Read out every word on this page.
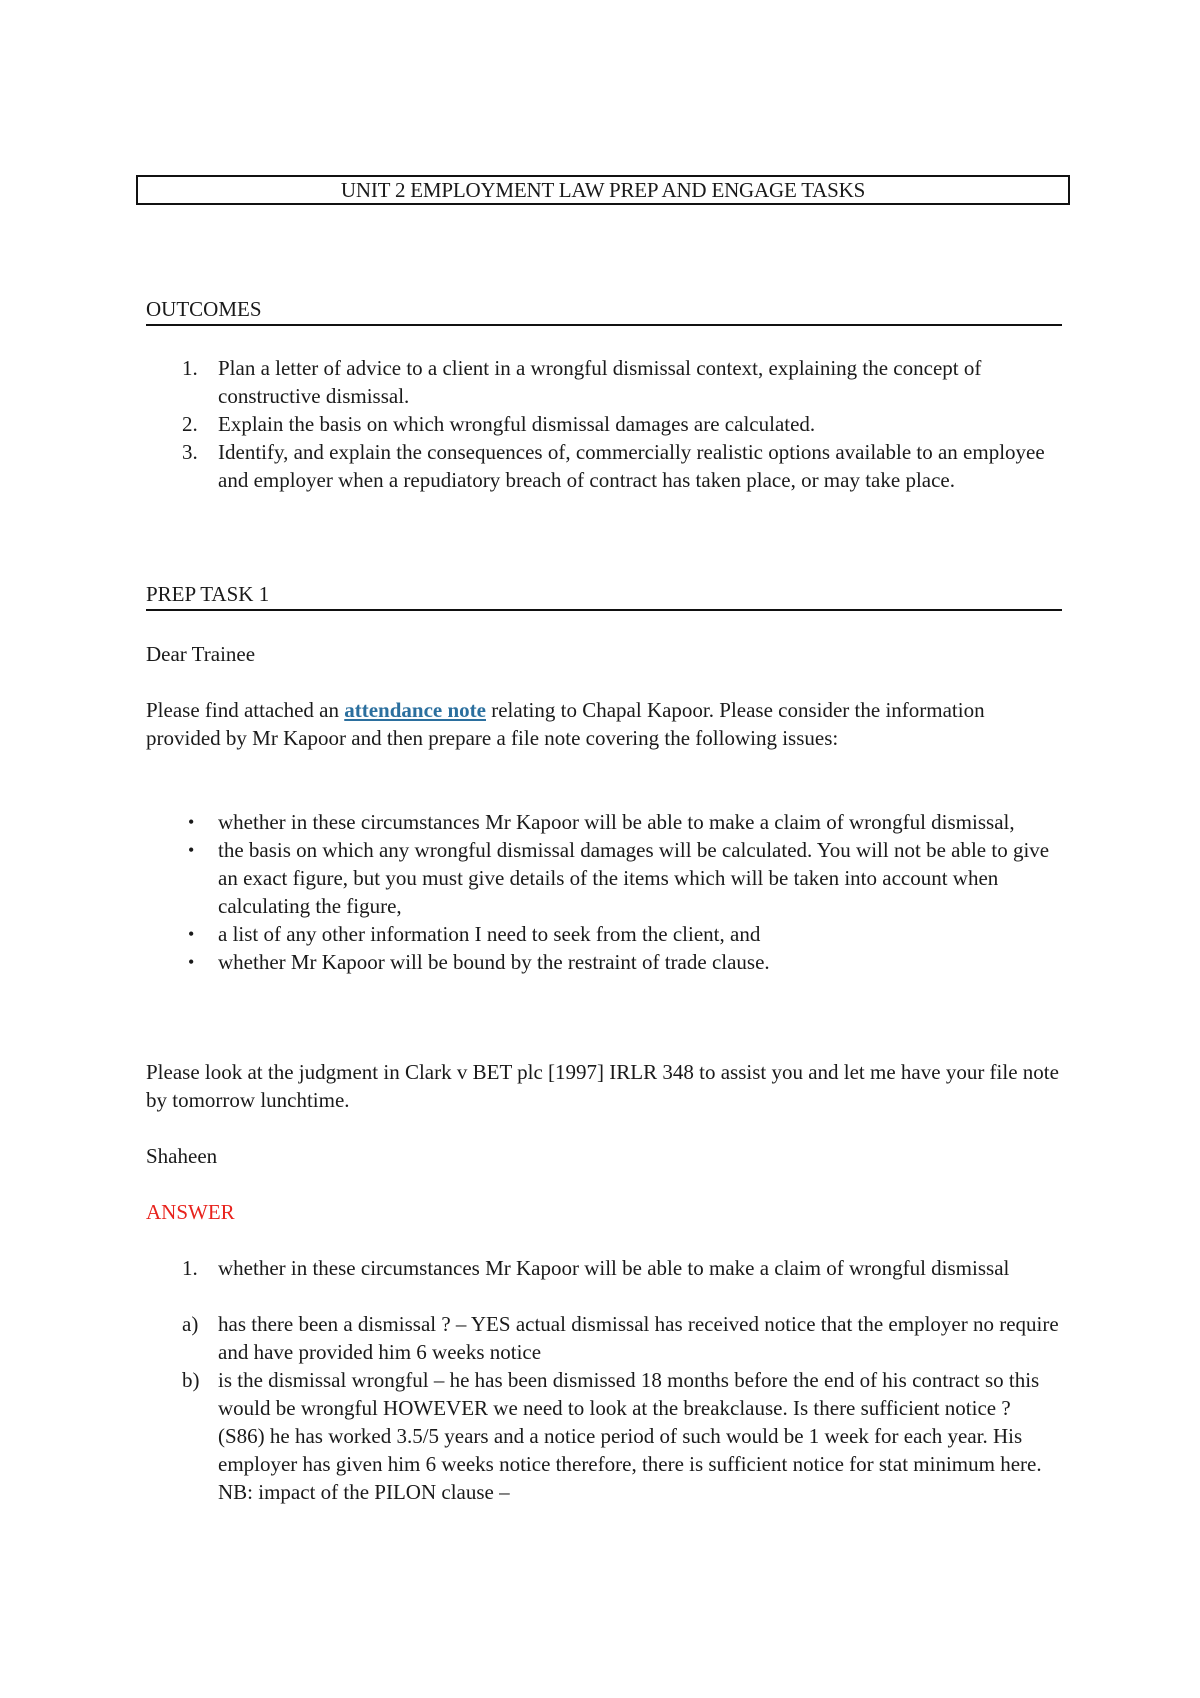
UNIT 2 EMPLOYMENT LAW PREP AND ENGAGE TASKS
OUTCOMES
1. Plan a letter of advice to a client in a wrongful dismissal context, explaining the concept of constructive dismissal.
2. Explain the basis on which wrongful dismissal damages are calculated.
3. Identify, and explain the consequences of, commercially realistic options available to an employee and employer when a repudiatory breach of contract has taken place, or may take place.
PREP TASK 1

Dear Trainee

Please find attached an attendance note relating to Chapal Kapoor. Please consider the information provided by Mr Kapoor and then prepare a file note covering the following issues:

• whether in these circumstances Mr Kapoor will be able to make a claim of wrongful dismissal,
• the basis on which any wrongful dismissal damages will be calculated. You will not be able to give an exact figure, but you must give details of the items which will be taken into account when calculating the figure,
• a list of any other information I need to seek from the client, and
• whether Mr Kapoor will be bound by the restraint of trade clause.

Please look at the judgment in Clark v BET plc [1997] IRLR 348 to assist you and let me have your file note by tomorrow lunchtime.

Shaheen

ANSWER

1. whether in these circumstances Mr Kapoor will be able to make a claim of wrongful dismissal
a) has there been a dismissal ? – YES actual dismissal has received notice that the employer no require and have provided him 6 weeks notice
b) is the dismissal wrongful – he has been dismissed 18 months before the end of his contract so this would be wrongful HOWEVER we need to look at the breakclause. Is there sufficient notice ? (S86) he has worked 3.5/5 years and a notice period of such would be 1 week for each year. His employer has given him 6 weeks notice therefore, there is sufficient notice for stat minimum here. NB: impact of the PILON clause –
